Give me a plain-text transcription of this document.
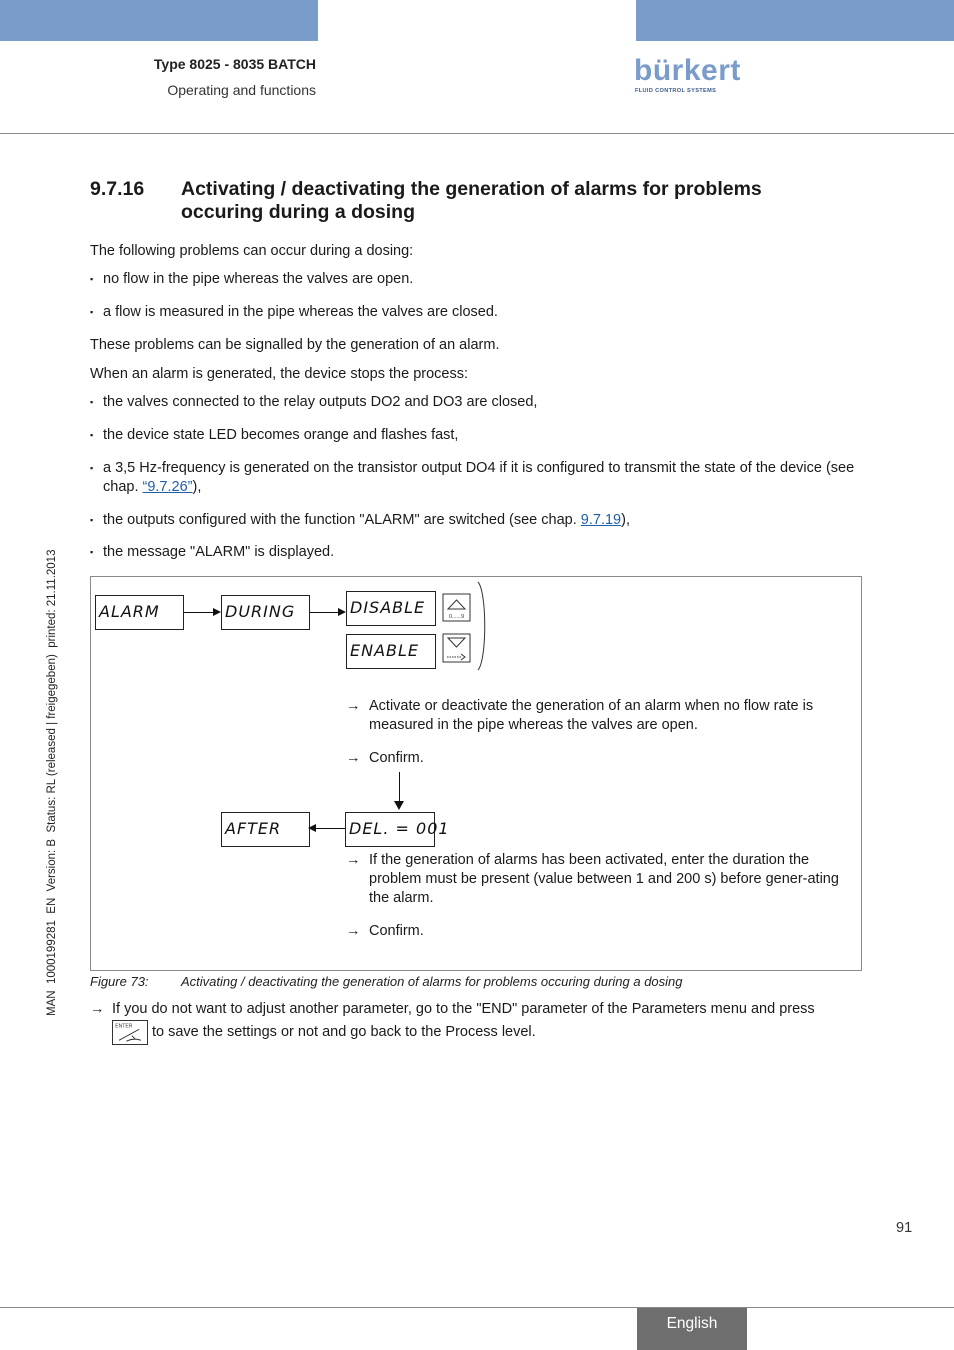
Type 8025 - 8035 BATCH
Operating and functions
bürkert
FLUID CONTROL SYSTEMS
MAN  1000199281  EN  Version: B  Status: RL (released | freigegeben)  printed: 21.11.2013
9.7.16 Activating / deactivating the generation of alarms for problems occuring during a dosing
The following problems can occur during a dosing:
▪ no flow in the pipe whereas the valves are open.
▪ a flow is measured in the pipe whereas the valves are closed.
These problems can be signalled by the generation of an alarm.
When an alarm is generated, the device stops the process:
▪ the valves connected to the relay outputs DO2 and DO3 are closed,
▪ the device state LED becomes orange and flashes fast,
▪ a 3,5 Hz-frequency is generated on the transistor output DO4 if it is configured to transmit the state of the device (see chap. “9.7.26”),
▪ the outputs configured with the function "ALARM" are switched (see chap. 9.7.19),
▪ the message "ALARM" is displayed.
ALARM	DURING	DISABLE
ENABLE
AFTER	DEL. = 001
0......9
→ Activate or deactivate the generation of an alarm when no flow rate is measured in the pipe whereas the valves are open.
→ Confirm.
→ If the generation of alarms has been activated, enter the duration the problem must be present (value between 1 and 200 s) before gener-ating the alarm.
→ Confirm.
Figure 73: Activating / deactivating the generation of alarms for problems occuring during a dosing
→ If you do not want to adjust another parameter, go to the "END" parameter of the Parameters menu and press
ENTER to save the settings or not and go back to the Process level.
91
English
